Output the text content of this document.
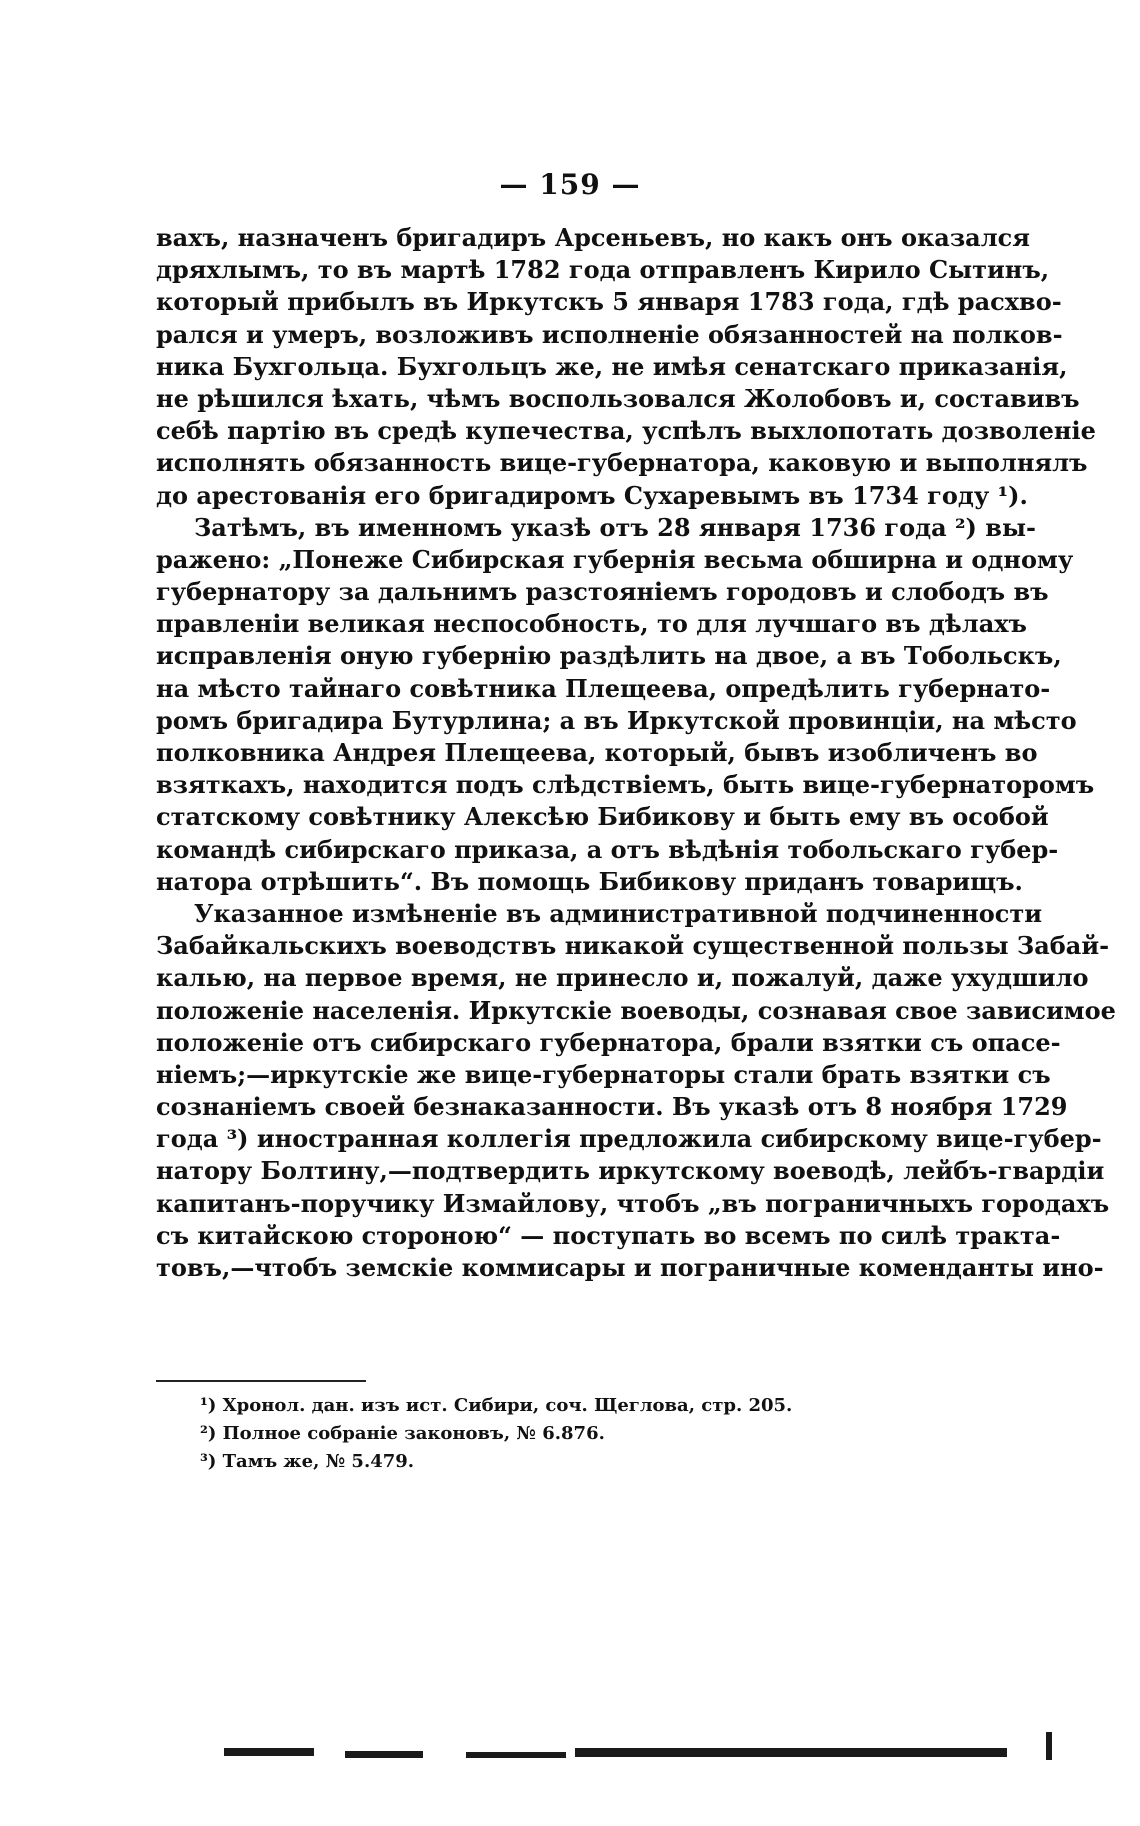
— 159 —
вахъ, назначенъ бригадиръ Арсеньевъ, но какъ онъ оказался
дряхлымъ, то въ мартѣ 1782 года отправленъ Кирило Сытинъ,
который прибылъ въ Иркутскъ 5 января 1783 года, гдѣ расхво-
рался и умеръ, возложивъ исполненіе обязанностей на полков-
ника Бухгольца. Бухгольцъ же, не имѣя сенатскаго приказанія,
не рѣшился ѣхать, чѣмъ воспользовался Жолобовъ и, составивъ
себѣ партію въ средѣ купечества, успѣлъ выхлопотать дозволеніе
исполнять обязанность вице-губернатора, каковую и выполнялъ
до арестованія его бригадиромъ Сухаревымъ въ 1734 году ¹).
Затѣмъ, въ именномъ указѣ отъ 28 января 1736 года ²) вы-
ражено: „Понеже Сибирская губернія весьма обширна и одному
губернатору за дальнимъ разстояніемъ городовъ и слободъ въ
правленіи великая неспособность, то для лучшаго въ дѣлахъ
исправленія оную губернію раздѣлить на двое, а въ Тобольскъ,
на мѣсто тайнаго совѣтника Плещеева, опредѣлить губернато-
ромъ бригадира Бутурлина; а въ Иркутской провинціи, на мѣсто
полковника Андрея Плещеева, который, бывъ изобличенъ во
взяткахъ, находится подъ слѣдствіемъ, быть вице-губернаторомъ
статскому совѣтнику Алексѣю Бибикову и быть ему въ особой
командѣ сибирскаго приказа, а отъ вѣдѣнія тобольскаго губер-
натора отрѣшить“. Въ помощь Бибикову приданъ товарищъ.
Указанное измѣненіе въ административной подчиненности
Забайкальскихъ воеводствъ никакой существенной пользы Забай-
калью, на первое время, не принесло и, пожалуй, даже ухудшило
положеніе населенія. Иркутскіе воеводы, сознавая свое зависимое
положеніе отъ сибирскаго губернатора, брали взятки съ опасе-
ніемъ;—иркутскіе же вице-губернаторы стали брать взятки съ
сознаніемъ своей безнаказанности. Въ указѣ отъ 8 ноября 1729
года ³) иностранная коллегія предложила сибирскому вице-губер-
натору Болтину,—подтвердить иркутскому воеводѣ, лейбъ-гвардіи
капитанъ-поручику Измайлову, чтобъ „въ пограничныхъ городахъ
съ китайскою стороною“ — поступать во всемъ по силѣ тракта-
товъ,—чтобъ земскіе коммисары и пограничные коменданты ино-
¹) Хронол. дан. изъ ист. Сибири, соч. Щеглова, стр. 205.
²) Полное собраніе законовъ, № 6.876.
³) Тамъ же, № 5.479.
